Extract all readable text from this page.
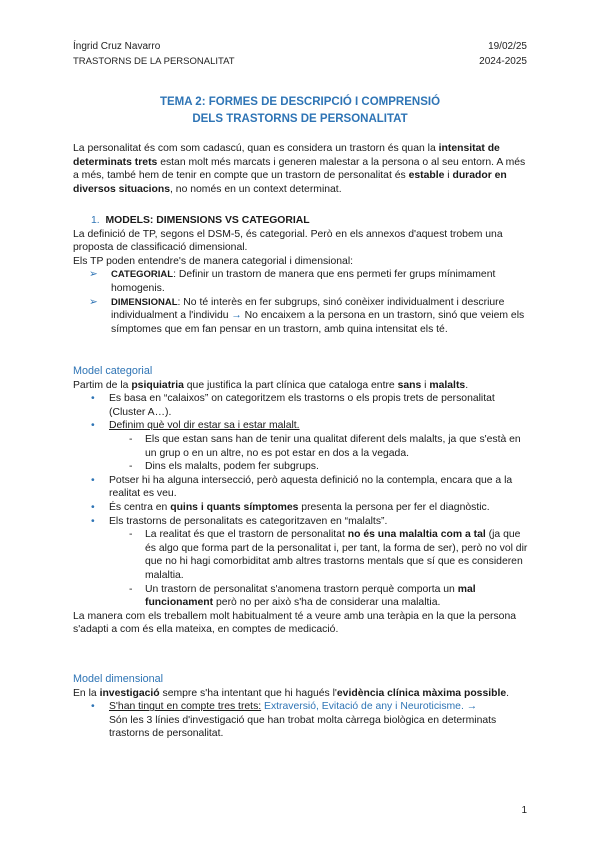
Íngrid Cruz Navarro
TRASTORNS DE LA PERSONALITAT
19/02/25
2024-2025
TEMA 2: FORMES DE DESCRIPCIÓ I COMPRENSIÓ
DELS TRASTORNS DE PERSONALITAT

La personalitat és com som cadascú, quan es considera un trastorn és quan la intensitat de determinats trets estan molt més marcats i generen malestar a la persona o al seu entorn. A més a més, també hem de tenir en compte que un trastorn de personalitat és estable i durador en diversos situacions, no només en un context determinat.

1. MODELS: DIMENSIONS VS CATEGORIAL

La definició de TP, segons el DSM-5, és categorial. Però en els annexos d'aquest trobem una proposta de classificació dimensional.

Els TP poden entendre's de manera categorial i dimensional:

➢ CATEGORIAL: Definir un trastorn de manera que ens permeti fer grups mínimament homogenis.
➢ DIMENSIONAL: No té interès en fer subgrups, sinó conèixer individualment i descriure individualment a l'individu → No encaixem a la persona en un trastorn, sinó que veiem els símptomes que em fan pensar en un trastorn, amb quina intensitat els té.

Model categorial

Partim de la psiquiatria que justifica la part clínica que cataloga entre sans i malalts.

• Es basa en “calaixos” on categoritzem els trastorns o els propis trets de personalitat (Cluster A…).
• Definim què vol dir estar sa i estar malalt.
- Els que estan sans han de tenir una qualitat diferent dels malalts, ja que s'està en un grup o en un altre, no es pot estar en dos a la vegada.
- Dins els malalts, podem fer subgrups.
• Potser hi ha alguna intersecció, però aquesta definició no la contempla, encara que a la realitat es veu.
• És centra en quins i quants símptomes presenta la persona per fer el diagnòstic.
• Els trastorns de personalitats es categoritzaven en “malalts”.
- La realitat és que el trastorn de personalitat no és una malaltia com a tal (ja que és algo que forma part de la personalitat i, per tant, la forma de ser), però no vol dir que no hi hagi comorbiditat amb altres trastorns mentals que sí que es consideren malaltia.
- Un trastorn de personalitat s'anomena trastorn perquè comporta un mal funcionament però no per això s'ha de considerar una malaltia.

La manera com els treballem molt habitualment té a veure amb una teràpia en la que la persona s'adapti a com és ella mateixa, en comptes de medicació.

Model dimensional

En la investigació sempre s'ha intentant que hi hagués l'evidència clínica màxima possible.

• S'han tingut en compte tres trets: Extraversió, Evitació de any i Neuroticisme. →
Són les 3 línies d'investigació que han trobat molta càrrega biològica en determinats trastorns de personalitat.
1
